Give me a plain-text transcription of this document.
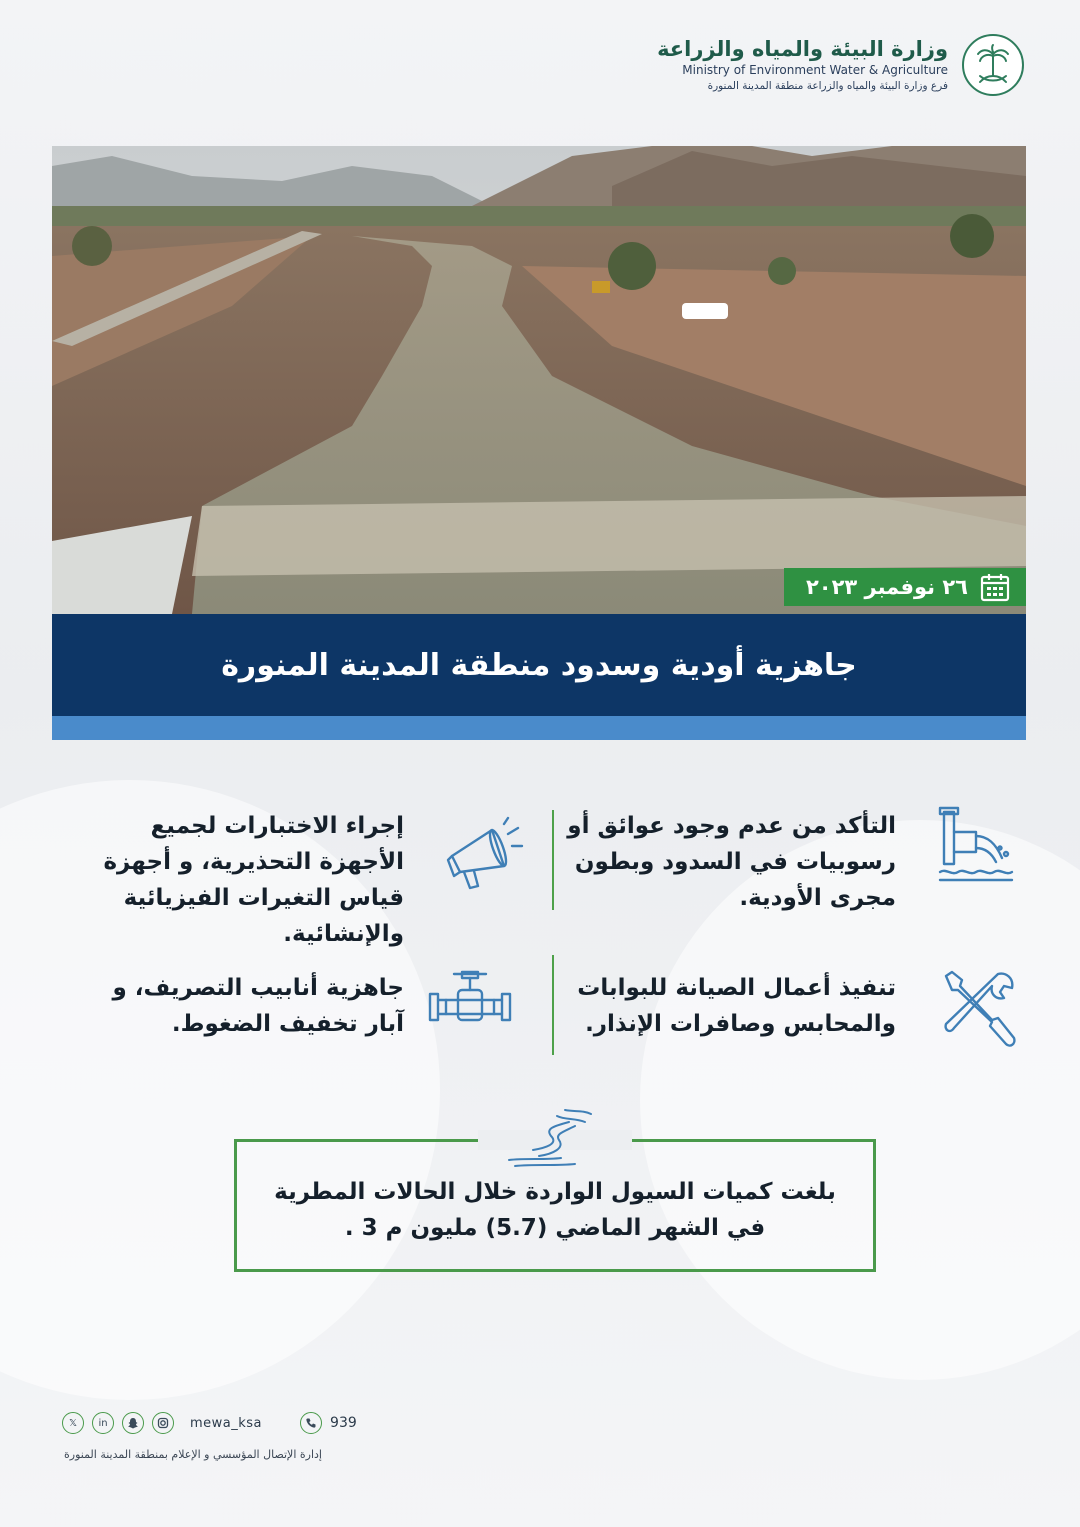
وزارة البيئة والمياه والزراعة
Ministry of Environment Water & Agriculture
فرع وزارة البيئة والمياه والزراعة منطقة المدينة المنورة
٢٦ نوفمبر ٢٠٢٣
جاهزية أودية وسدود منطقة المدينة المنورة
التأكد من عدم وجود عوائق أو رسوبيات في السدود وبطون مجرى الأودية.
إجراء الاختبارات لجميع الأجهزة التحذيرية، و أجهزة قياس التغيرات الفيزيائية والإنشائية.
تنفيذ أعمال الصيانة للبوابات والمحابس وصافرات الإنذار.
جاهزية أنابيب التصريف، و آبار تخفيف الضغوط.
بلغت كميات السيول الواردة خلال الحالات المطرية في الشهر الماضي (5.7) مليون م 3 .
𝕏	in	mewa_ksa	939
إدارة الإتصال المؤسسي و الإعلام بمنطقة المدينة المنورة
